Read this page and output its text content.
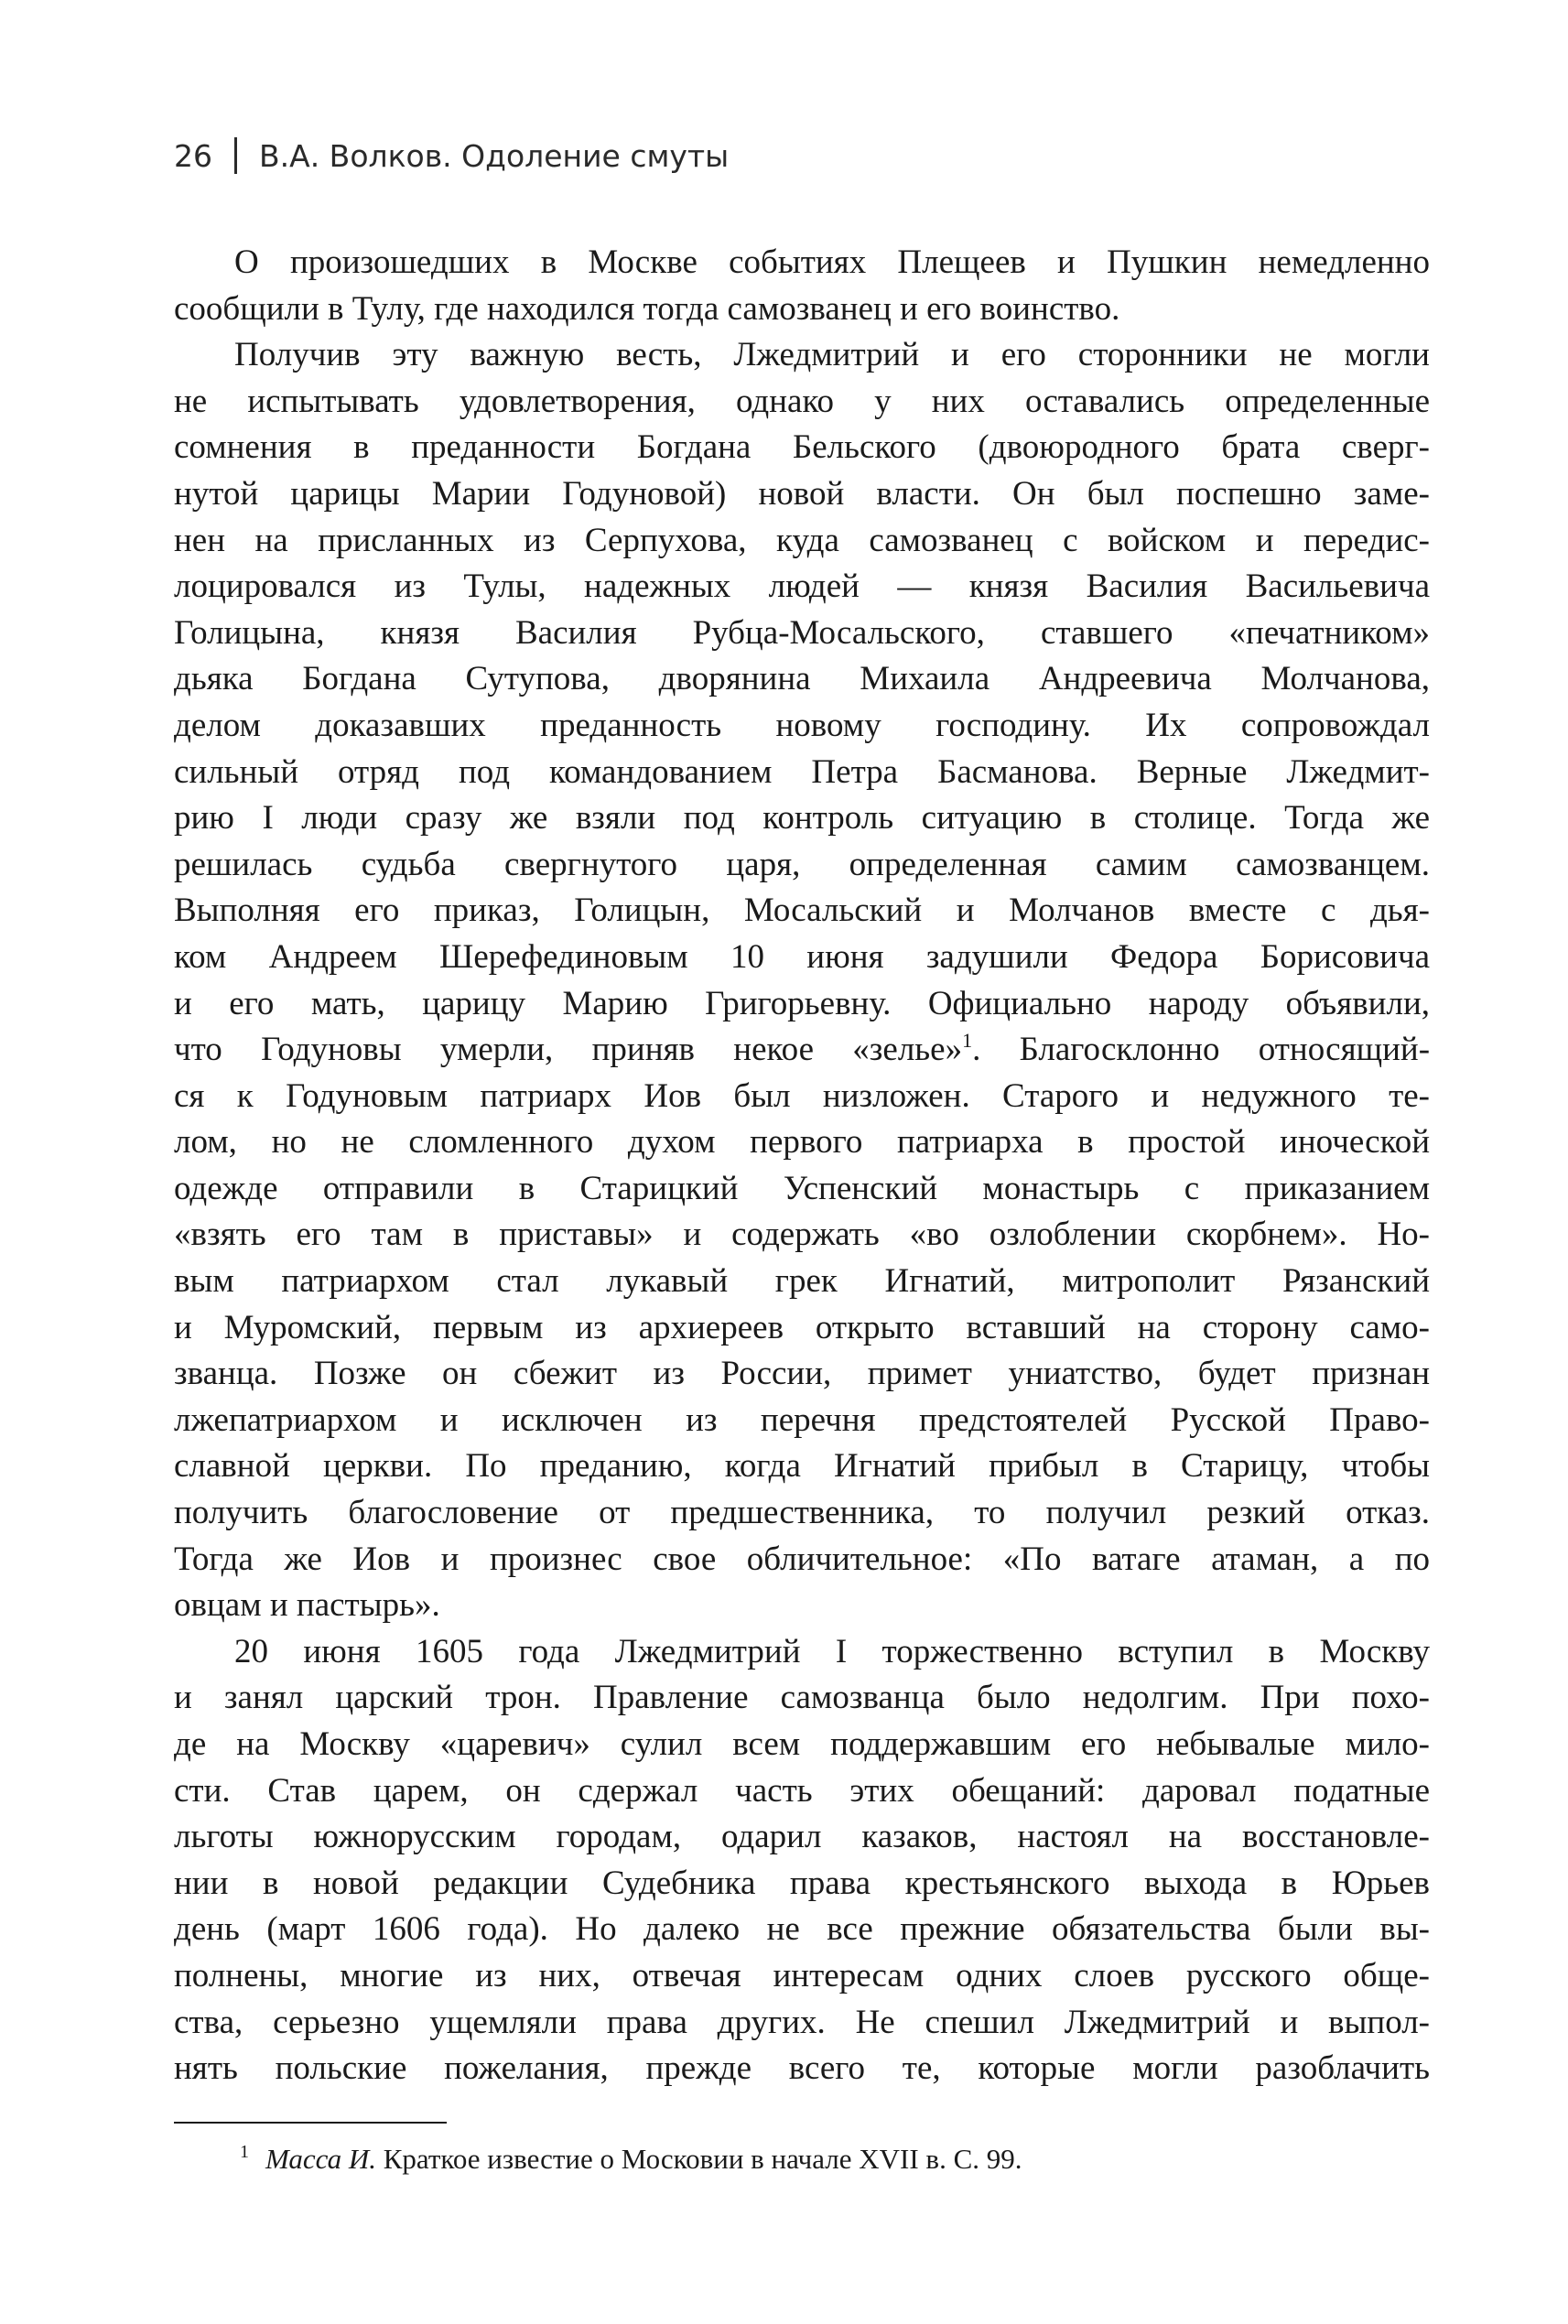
26 В.А. Волков. Одоление смуты
О произошедших в Москве событиях Плещеев и Пушкин немедленно
сообщили в Тулу, где находился тогда самозванец и его воинство.
Получив эту важную весть, Лжедмитрий и его сторонники не могли
не испытывать удовлетворения, однако у них оставались определенные
сомнения в преданности Богдана Бельского (двоюродного брата сверг-
нутой царицы Марии Годуновой) новой власти. Он был поспешно заме-
нен на присланных из Серпухова, куда самозванец с войском и передис-
лоцировался из Тулы, надежных людей — князя Василия Васильевича
Голицына, князя Василия Рубца-Мосальского, ставшего «печатником»
дьяка Богдана Сутупова, дворянина Михаила Андреевича Молчанова,
делом доказавших преданность новому господину. Их сопровождал
сильный отряд под командованием Петра Басманова. Верные Лжедмит-
рию I люди сразу же взяли под контроль ситуацию в столице. Тогда же
решилась судьба свергнутого царя, определенная самим самозванцем.
Выполняя его приказ, Голицын, Мосальский и Молчанов вместе с дья-
ком Андреем Шерефединовым 10 июня задушили Федора Борисовича
и его мать, царицу Марию Григорьевну. Официально народу объявили,
что Годуновы умерли, приняв некое «зелье»$^1$. Благосклонно относящий-
ся к Годуновым патриарх Иов был низложен. Старого и недужного те-
лом, но не сломленного духом первого патриарха в простой иноческой
одежде отправили в Старицкий Успенский монастырь с приказанием
«взять его там в приставы» и содержать «во озлоблении скорбнем». Но-
вым патриархом стал лукавый грек Игнатий, митрополит Рязанский
и Муромский, первым из архиереев открыто вставший на сторону само-
званца. Позже он сбежит из России, примет униатство, будет признан
лжепатриархом и исключен из перечня предстоятелей Русской Право-
славной церкви. По преданию, когда Игнатий прибыл в Старицу, чтобы
получить благословение от предшественника, то получил резкий отказ.
Тогда же Иов и произнес свое обличительное: «По ватаге атаман, а по
овцам и пастырь».
20 июня 1605 года Лжедмитрий I торжественно вступил в Москву
и занял царский трон. Правление самозванца было недолгим. При похо-
де на Москву «царевич» сулил всем поддержавшим его небывалые мило-
сти. Став царем, он сдержал часть этих обещаний: даровал податные
льготы южнорусским городам, одарил казаков, настоял на восстановле-
нии в новой редакции Судебника права крестьянского выхода в Юрьев
день (март 1606 года). Но далеко не все прежние обязательства были вы-
полнены, многие из них, отвечая интересам одних слоев русского обще-
ства, серьезно ущемляли права других. Не спешил Лжедмитрий и выпол-
нять польские пожелания, прежде всего те, которые могли разоблачить
$^1$ Масса И. Краткое известие о Московии в начале XVII в. С. 99.
